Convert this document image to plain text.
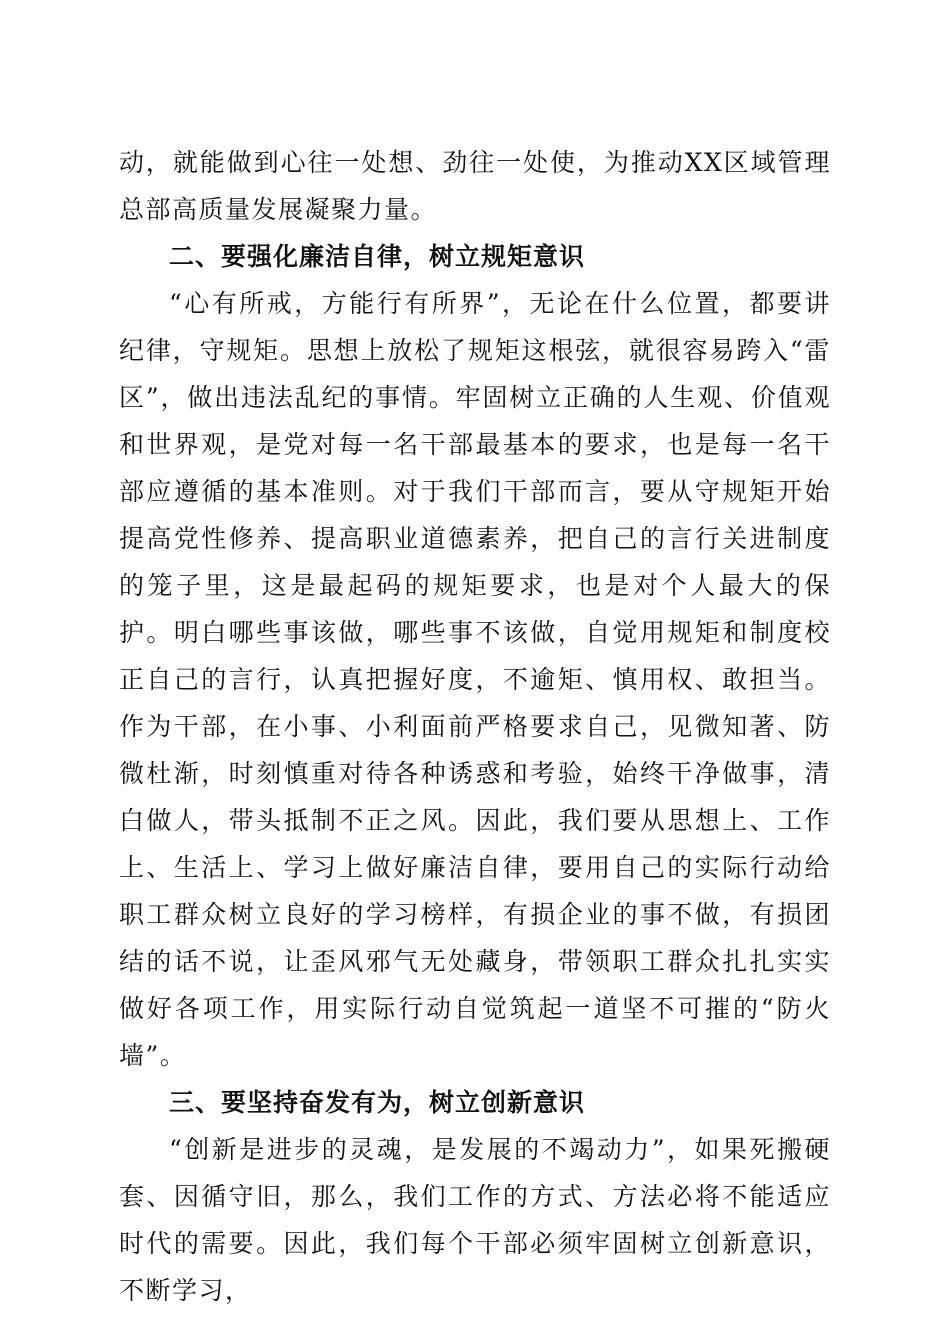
动，就能做到心往一处想、劲往一处使，为推动XX区域管理总部高质量发展凝聚力量。

二、要强化廉洁自律，树立规矩意识

“心有所戒，方能行有所界”，无论在什么位置，都要讲纪律，守规矩。思想上放松了规矩这根弦，就很容易跨入“雷区”，做出违法乱纪的事情。牢固树立正确的人生观、价值观和世界观，是党对每一名干部最基本的要求，也是每一名干部应遵循的基本准则。对于我们干部而言，要从守规矩开始提高党性修养、提高职业道德素养，把自己的言行关进制度的笼子里，这是最起码的规矩要求，也是对个人最大的保护。明白哪些事该做，哪些事不该做，自觉用规矩和制度校正自己的言行，认真把握好度，不逾矩、慎用权、敢担当。作为干部，在小事、小利面前严格要求自己，见微知著、防微杜渐，时刻慎重对待各种诱惑和考验，始终干净做事，清白做人，带头抵制不正之风。因此，我们要从思想上、工作上、生活上、学习上做好廉洁自律，要用自己的实际行动给职工群众树立良好的学习榜样，有损企业的事不做，有损团结的话不说，让歪风邪气无处藏身，带领职工群众扎扎实实做好各项工作，用实际行动自觉筑起一道坚不可摧的“防火墙”。

三、要坚持奋发有为，树立创新意识

“创新是进步的灵魂，是发展的不竭动力”，如果死搬硬套、因循守旧，那么，我们工作的方式、方法必将不能适应时代的需要。因此，我们每个干部必须牢固树立创新意识，不断学习，
